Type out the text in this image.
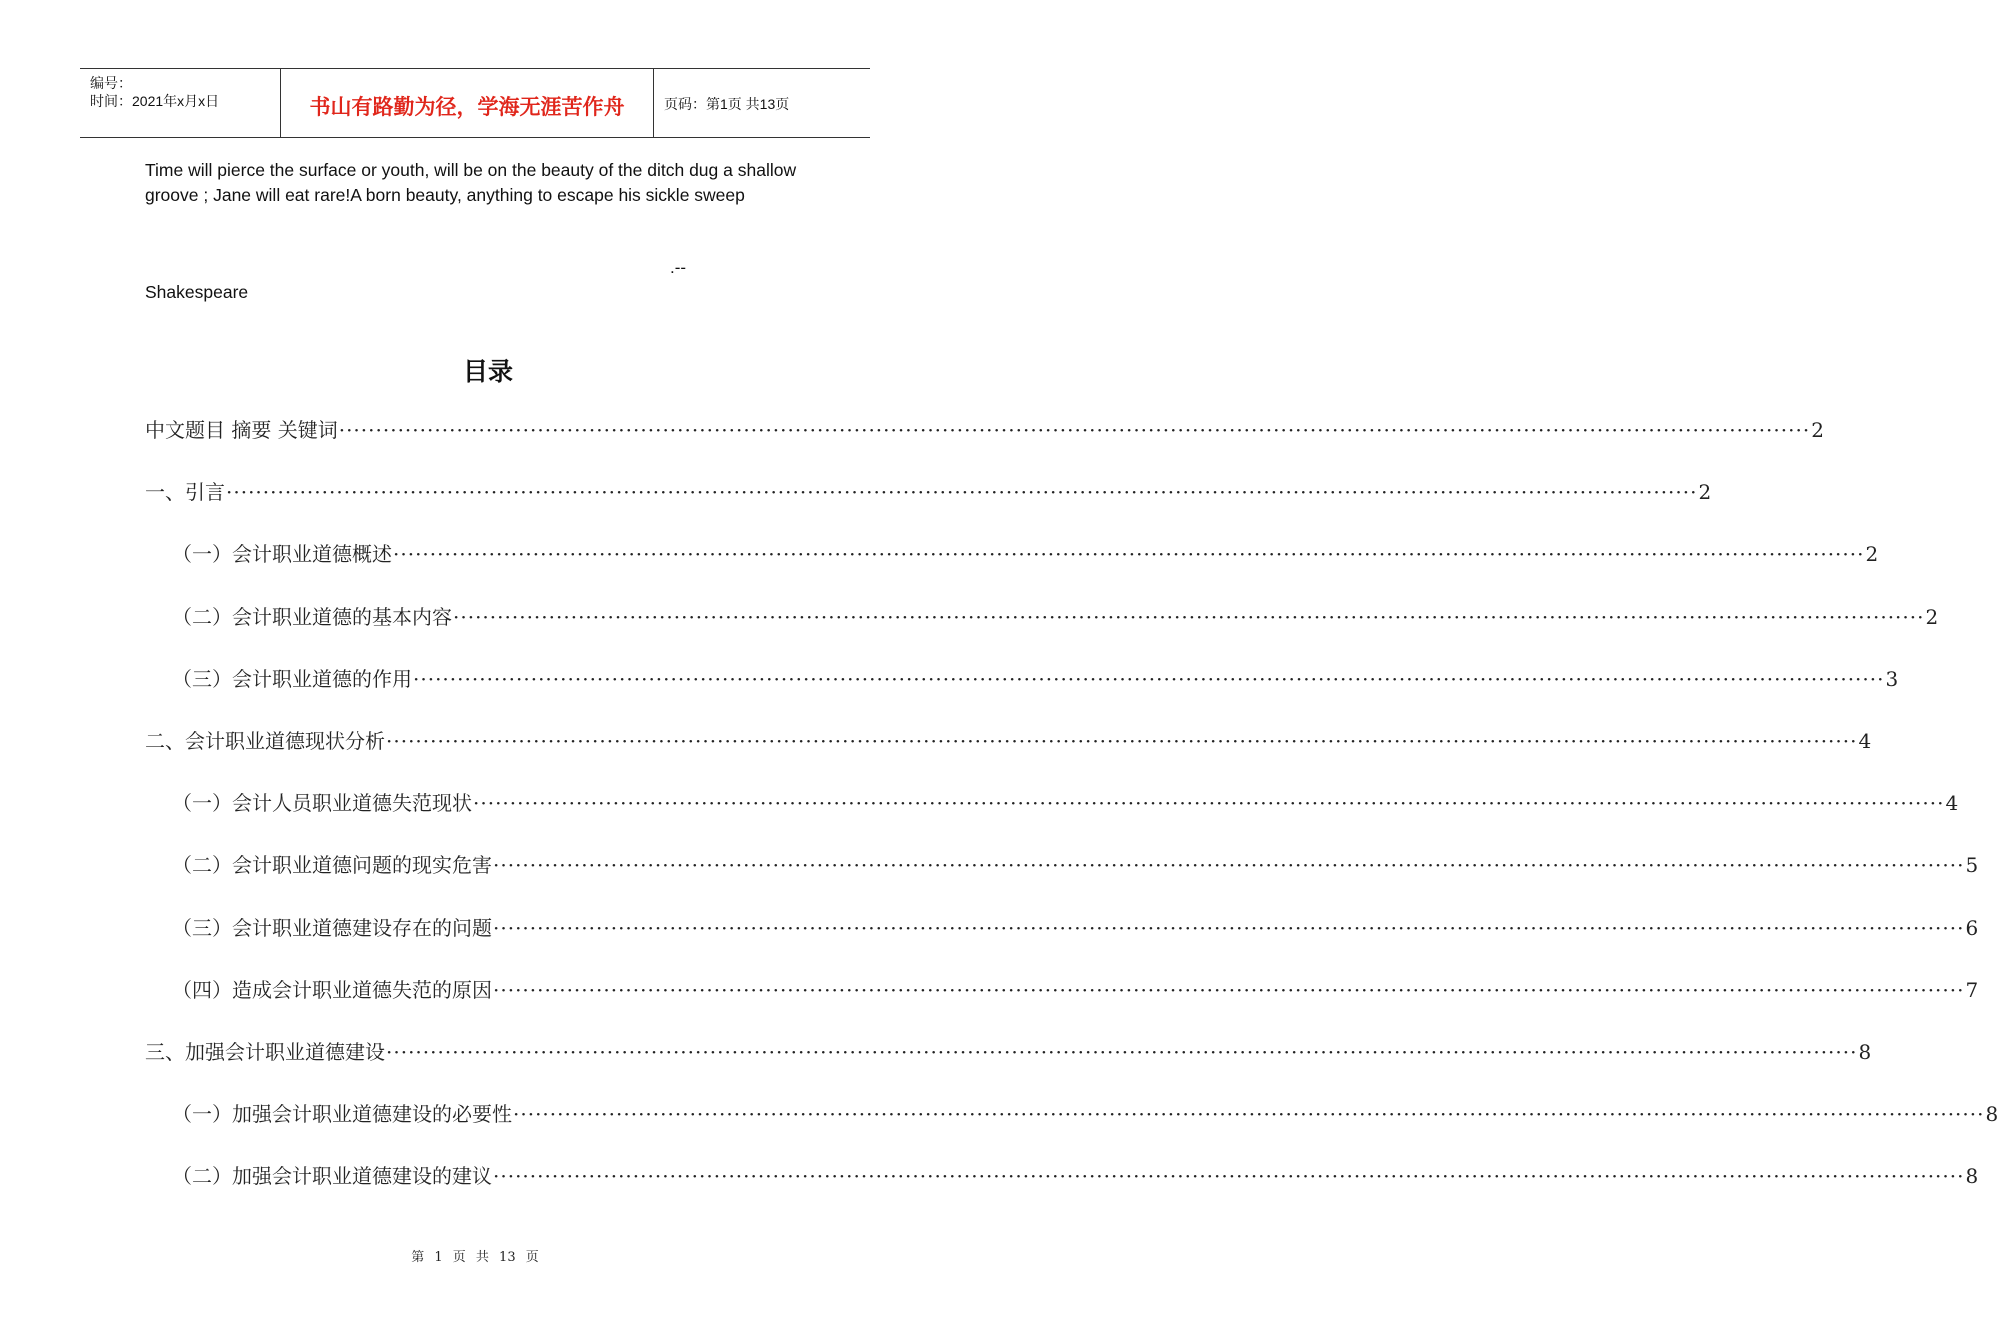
编号：
时间：2021年x月x日	书山有路勤为径，学海无涯苦作舟	页码：第1页 共13页
Time will pierce the surface or youth, will be on the beauty of the ditch dug a shallow groove ; Jane will eat rare!A born beauty, anything to escape his sickle sweep
.--
Shakespeare
目录
中文题目 摘要 关键词 ········································································································································································································ 2
一、引言 ········································································································································································································ 2
（一）会计职业道德概述 ········································································································································································································ 2
（二）会计职业道德的基本内容 ········································································································································································································ 2
（三）会计职业道德的作用 ········································································································································································································ 3
二、会计职业道德现状分析 ········································································································································································································ 4
（一）会计人员职业道德失范现状 ········································································································································································································ 4
（二）会计职业道德问题的现实危害 ········································································································································································································ 5
（三）会计职业道德建设存在的问题 ········································································································································································································ 6
（四）造成会计职业道德失范的原因 ········································································································································································································ 7
三、加强会计职业道德建设 ········································································································································································································ 8
（一）加强会计职业道德建设的必要性 ········································································································································································································ 8
（二）加强会计职业道德建设的建议 ········································································································································································································ 8
第 1 页 共 13 页
